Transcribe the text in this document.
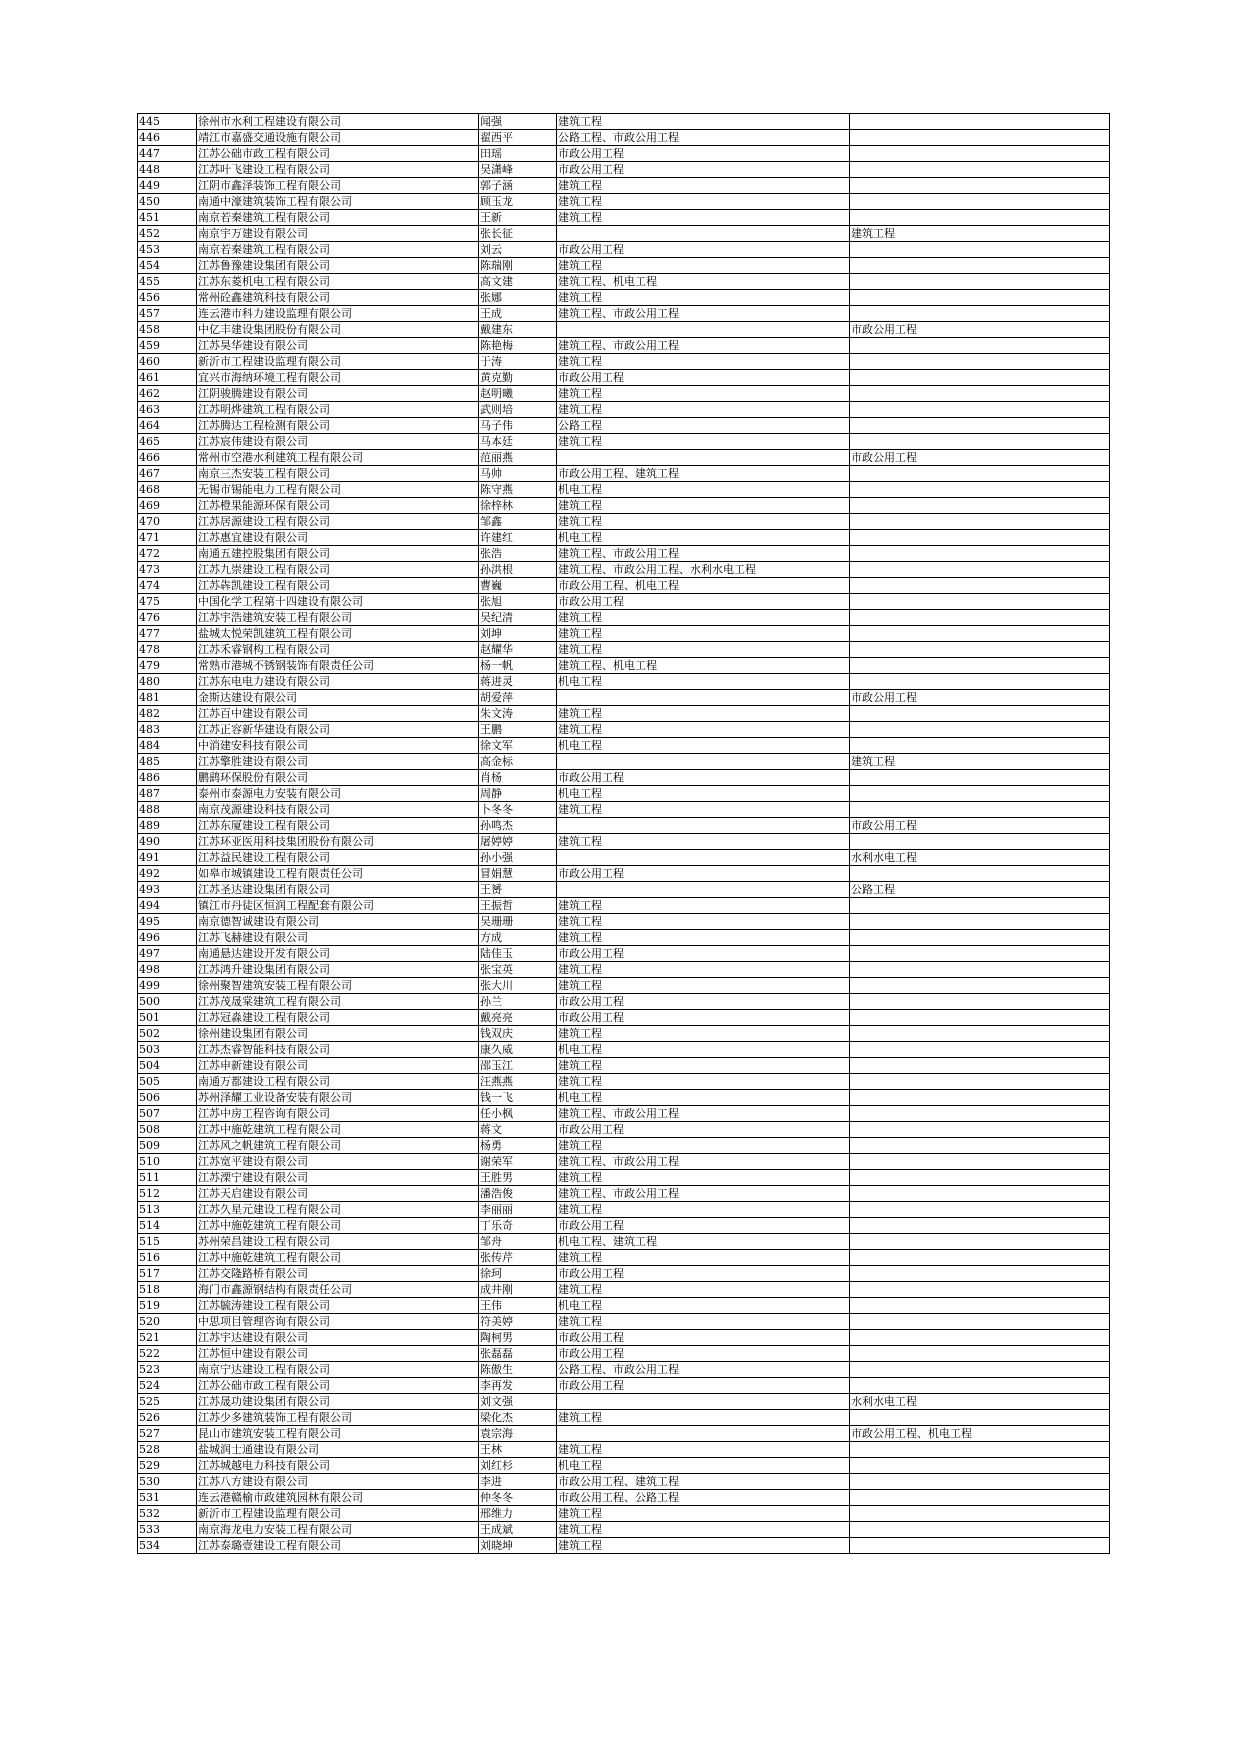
445	徐州市水利工程建设有限公司	闻强	建筑工程	
446	靖江市嘉盛交通设施有限公司	翟西平	公路工程、市政公用工程	
447	江苏公础市政工程有限公司	田瑶	市政公用工程	
448	江苏叶飞建设工程有限公司	吴潇峰	市政公用工程	
449	江阴市鑫泽装饰工程有限公司	郭子涵	建筑工程	
450	南通中濠建筑装饰工程有限公司	顾玉龙	建筑工程	
451	南京若秦建筑工程有限公司	王新	建筑工程	
452	南京宇万建设有限公司	张长征		建筑工程
453	南京若秦建筑工程有限公司	刘云	市政公用工程	
454	江苏鲁豫建设集团有限公司	陈瑞刚	建筑工程	
455	江苏东菱机电工程有限公司	高文建	建筑工程、机电工程	
456	常州砼鑫建筑科技有限公司	张娜	建筑工程	
457	连云港市科力建设监理有限公司	王成	建筑工程、市政公用工程	
458	中亿丰建设集团股份有限公司	戴建东		市政公用工程
459	江苏昊华建设有限公司	陈艳梅	建筑工程、市政公用工程	
460	新沂市工程建设监理有限公司	于涛	建筑工程	
461	宜兴市海纳环境工程有限公司	黄克勤	市政公用工程	
462	江阴骏腾建设有限公司	赵明曦	建筑工程	
463	江苏明烨建筑工程有限公司	武则培	建筑工程	
464	江苏腾达工程检测有限公司	马子伟	公路工程	
465	江苏宸伟建设有限公司	马本廷	建筑工程	
466	常州市空港水利建筑工程有限公司	范丽燕		市政公用工程
467	南京三杰安装工程有限公司	马帅	市政公用工程、建筑工程	
468	无锡市锡能电力工程有限公司	陈守燕	机电工程	
469	江苏橙果能源环保有限公司	徐梓林	建筑工程	
470	江苏居源建设工程有限公司	邹鑫	建筑工程	
471	江苏惠宜建设有限公司	许建红	机电工程	
472	南通五建控股集团有限公司	张浩	建筑工程、市政公用工程	
473	江苏九崇建设工程有限公司	孙洪根	建筑工程、市政公用工程、水利水电工程	
474	江苏犇凯建设工程有限公司	曹巍	市政公用工程、机电工程	
475	中国化学工程第十四建设有限公司	张旭	市政公用工程	
476	江苏宇浩建筑安装工程有限公司	吴纪清	建筑工程	
477	盐城太悦荣凯建筑工程有限公司	刘坤	建筑工程	
478	江苏禾睿钢构工程有限公司	赵耀华	建筑工程	
479	常熟市港城不锈钢装饰有限责任公司	杨一帆	建筑工程、机电工程	
480	江苏东电电力建设有限公司	蒋进灵	机电工程	
481	金斯达建设有限公司	胡爱萍		市政公用工程
482	江苏百中建设有限公司	朱文涛	建筑工程	
483	江苏正容新华建设有限公司	王鹏	建筑工程	
484	中消建安科技有限公司	徐文军	机电工程	
485	江苏擎胜建设有限公司	高金标		建筑工程
486	鹏鹞环保股份有限公司	肖杨	市政公用工程	
487	泰州市泰源电力安装有限公司	周静	机电工程	
488	南京茂源建设科技有限公司	卜冬冬	建筑工程	
489	江苏东厦建设工程有限公司	孙鸣杰		市政公用工程
490	江苏环亚医用科技集团股份有限公司	屠婷婷	建筑工程	
491	江苏益民建设工程有限公司	孙小强		水利水电工程
492	如皋市城镇建设工程有限责任公司	冒娟慧	市政公用工程	
493	江苏圣达建设集团有限公司	王赟		公路工程
494	镇江市丹徒区恒润工程配套有限公司	王振哲	建筑工程	
495	南京德智诚建设有限公司	吴珊珊	建筑工程	
496	江苏飞赫建设有限公司	方成	建筑工程	
497	南通悬达建设开发有限公司	陆佳玉	市政公用工程	
498	江苏鸿升建设集团有限公司	张宝英	建筑工程	
499	徐州聚智建筑安装工程有限公司	张大川	建筑工程	
500	江苏茂晟棠建筑工程有限公司	孙兰	市政公用工程	
501	江苏冠淼建设工程有限公司	戴亮亮	市政公用工程	
502	徐州建设集团有限公司	钱双庆	建筑工程	
503	江苏杰睿智能科技有限公司	康久威	机电工程	
504	江苏申新建设有限公司	邵玉江	建筑工程	
505	南通万都建设工程有限公司	汪燕燕	建筑工程	
506	苏州泽耀工业设备安装有限公司	钱一飞	机电工程	
507	江苏中房工程咨询有限公司	任小枫	建筑工程、市政公用工程	
508	江苏中施乾建筑工程有限公司	蒋文	市政公用工程	
509	江苏风之帆建筑工程有限公司	杨勇	建筑工程	
510	江苏宽平建设有限公司	谢荣军	建筑工程、市政公用工程	
511	江苏溧宁建设有限公司	王胜男	建筑工程	
512	江苏天启建设有限公司	潘浩俊	建筑工程、市政公用工程	
513	江苏久星元建设工程有限公司	李丽丽	建筑工程	
514	江苏中施乾建筑工程有限公司	丁乐奇	市政公用工程	
515	苏州荣昌建设工程有限公司	邹舟	机电工程、建筑工程	
516	江苏中施乾建筑工程有限公司	张传芹	建筑工程	
517	江苏交隆路桥有限公司	徐珂	市政公用工程	
518	海门市鑫源钢结构有限责任公司	成井刚	建筑工程	
519	江苏毓涛建设工程有限公司	王伟	机电工程	
520	中思项目管理咨询有限公司	符美婷	建筑工程	
521	江苏宇达建设有限公司	陶柯男	市政公用工程	
522	江苏恒中建设有限公司	张磊磊	市政公用工程	
523	南京宁达建设工程有限公司	陈傲生	公路工程、市政公用工程	
524	江苏公础市政工程有限公司	李再发	市政公用工程	
525	江苏晟功建设集团有限公司	刘文强		水利水电工程
526	江苏少多建筑装饰工程有限公司	梁化杰	建筑工程	
527	昆山市建筑安装工程有限公司	袁宗海		市政公用工程、机电工程
528	盐城润士通建设有限公司	王林	建筑工程	
529	江苏城越电力科技有限公司	刘红杉	机电工程	
530	江苏八方建设有限公司	李进	市政公用工程、建筑工程	
531	连云港赣榆市政建筑园林有限公司	仲冬冬	市政公用工程、公路工程	
532	新沂市工程建设监理有限公司	邢维力	建筑工程	
533	南京海龙电力安装工程有限公司	王成斌	建筑工程	
534	江苏泰璐壹建设工程有限公司	刘晓坤	建筑工程	
